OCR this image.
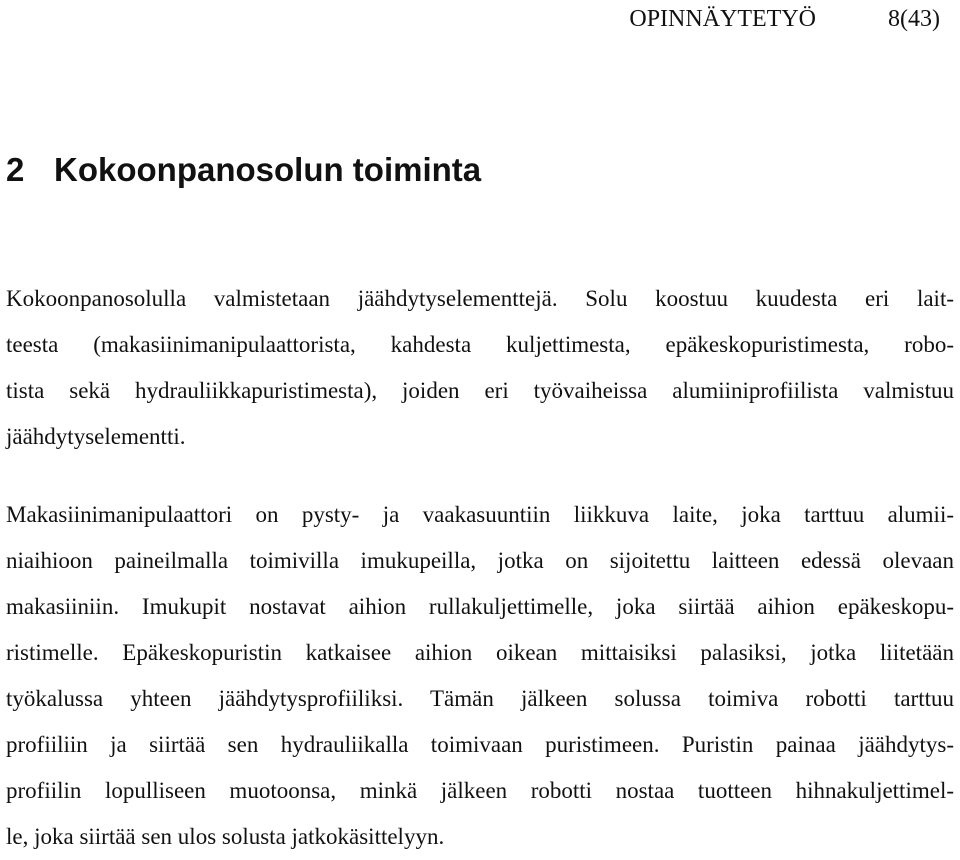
OPINNÄYTETYÖ	8(43)
2 Kokoonpanosolun toiminta
Kokoonpanosolulla valmistetaan jäähdytyselementtejä. Solu koostuu kuudesta eri lait-
teesta (makasiinimanipulaattorista, kahdesta kuljettimesta, epäkeskopuristimesta, robo-
tista sekä hydrauliikkapuristimesta), joiden eri työvaiheissa alumiiniprofiilista valmistuu
jäähdytyselementti.
Makasiinimanipulaattori on pysty- ja vaakasuuntiin liikkuva laite, joka tarttuu alumii-
niaihioon paineilmalla toimivilla imukupeilla, jotka on sijoitettu laitteen edessä olevaan
makasiiniin. Imukupit nostavat aihion rullakuljettimelle, joka siirtää aihion epäkeskopu-
ristimelle. Epäkeskopuristin katkaisee aihion oikean mittaisiksi palasiksi, jotka liitetään
työkalussa yhteen jäähdytysprofiiliksi. Tämän jälkeen solussa toimiva robotti tarttuu
profiiliin ja siirtää sen hydrauliikalla toimivaan puristimeen. Puristin painaa jäähdytys-
profiilin lopulliseen muotoonsa, minkä jälkeen robotti nostaa tuotteen hihnakuljettimel-
le, joka siirtää sen ulos solusta jatkokäsittelyyn.
